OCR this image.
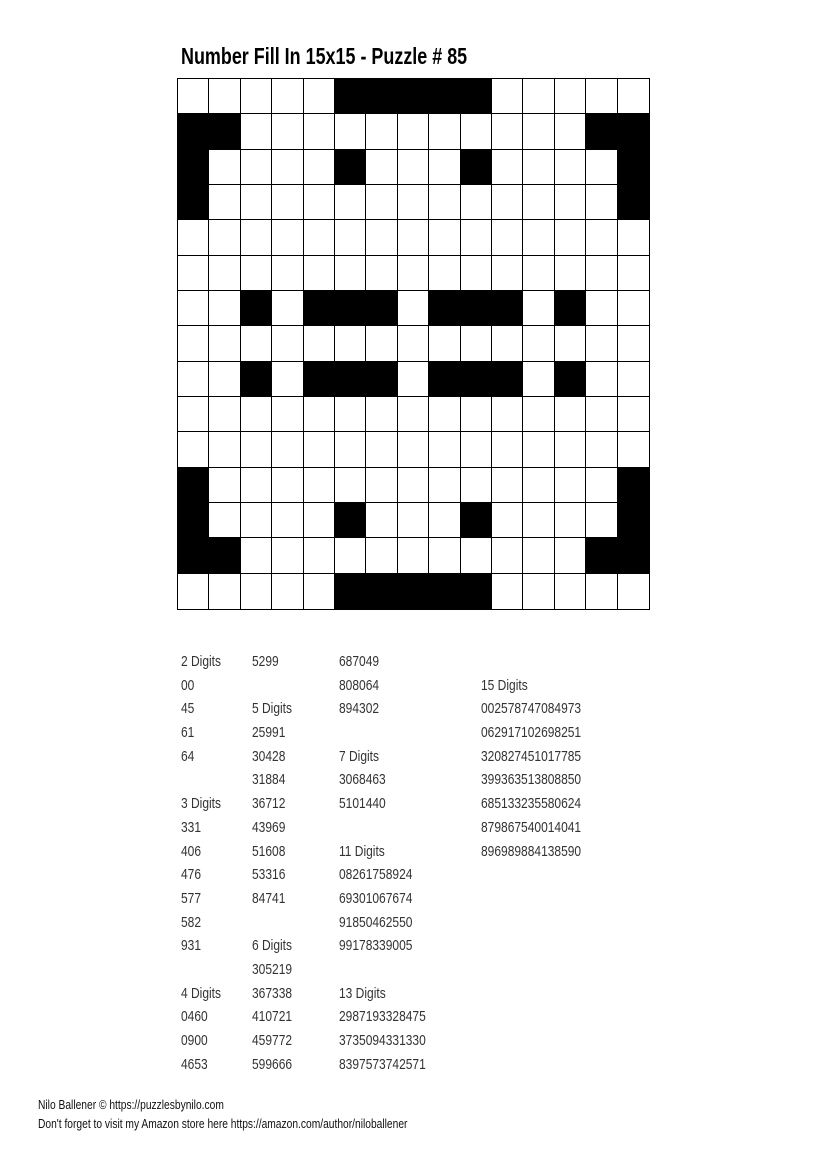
Number Fill In 15x15 - Puzzle # 85
2 Digits
00
45
61
64
3 Digits
331
406
476
577
582
931
4 Digits
0460
0900
4653
5299
5 Digits
25991
30428
31884
36712
43969
51608
53316
84741
6 Digits
305219
367338
410721
459772
599666
687049
808064
894302
7 Digits
3068463
5101440
11 Digits
08261758924
69301067674
91850462550
99178339005
13 Digits
2987193328475
3735094331330
8397573742571
15 Digits
002578747084973
062917102698251
320827451017785
399363513808850
685133235580624
879867540014041
896989884138590
Nilo Ballener © https://puzzlesbynilo.com
Don't forget to visit my Amazon store here https://amazon.com/author/niloballener
